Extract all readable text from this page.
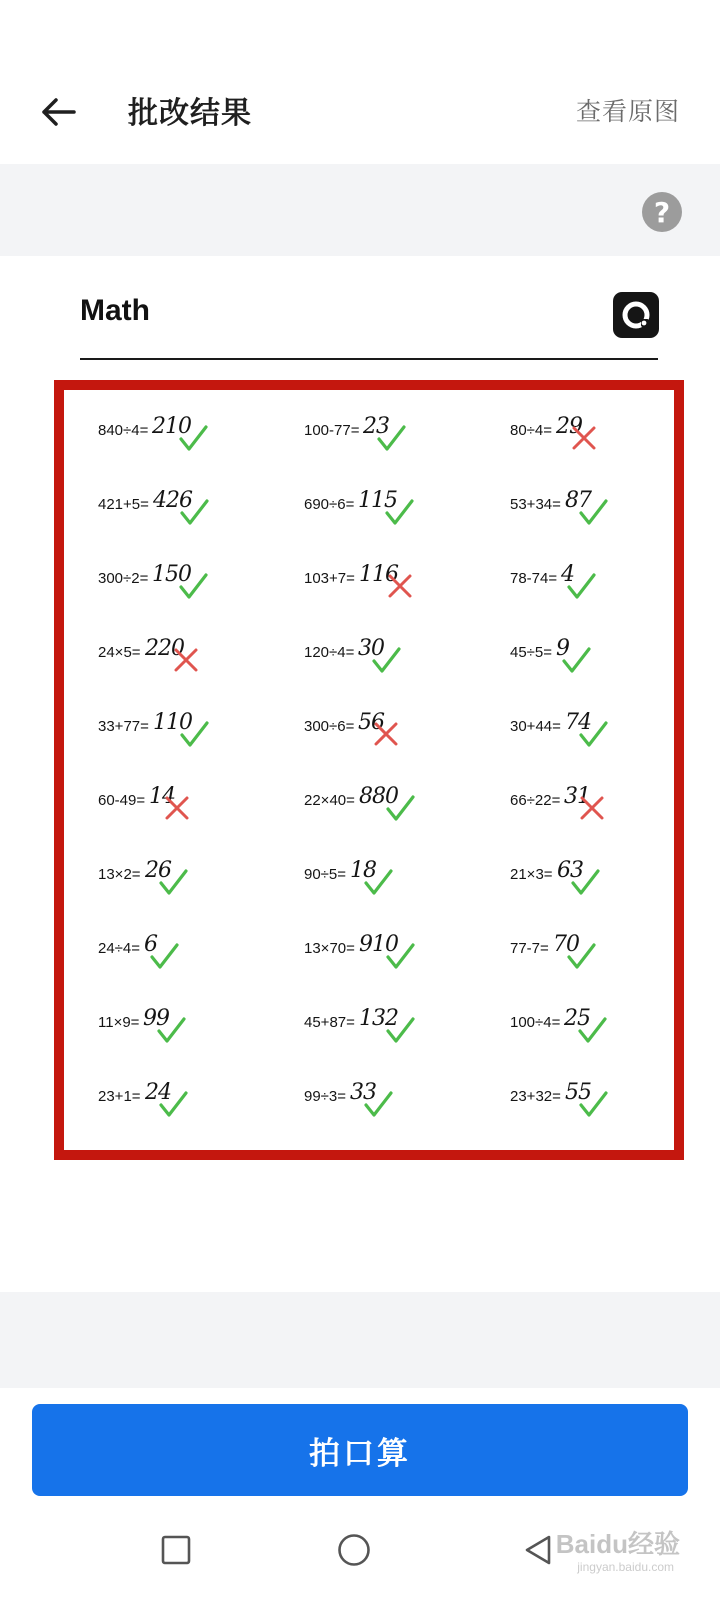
批改结果	查看原图
?
Math
840÷4= 210	100-77= 23	80÷4= 29
421+5= 426	690÷6= 115	53+34= 87
300÷2= 150	103+7= 116	78-74= 4
24×5= 220	120÷4= 30	45÷5= 9
33+77= 110	300÷6= 56	30+44= 74
60-49= 14	22×40= 880	66÷22= 31
13×2= 26	90÷5= 18	21×3= 63
24÷4= 6	13×70= 910	77-7= 70
11×9= 99	45+87= 132	100÷4= 25
23+1= 24	99÷3= 33	23+32= 55
拍口算
Baidu经验
jingyan.baidu.com
